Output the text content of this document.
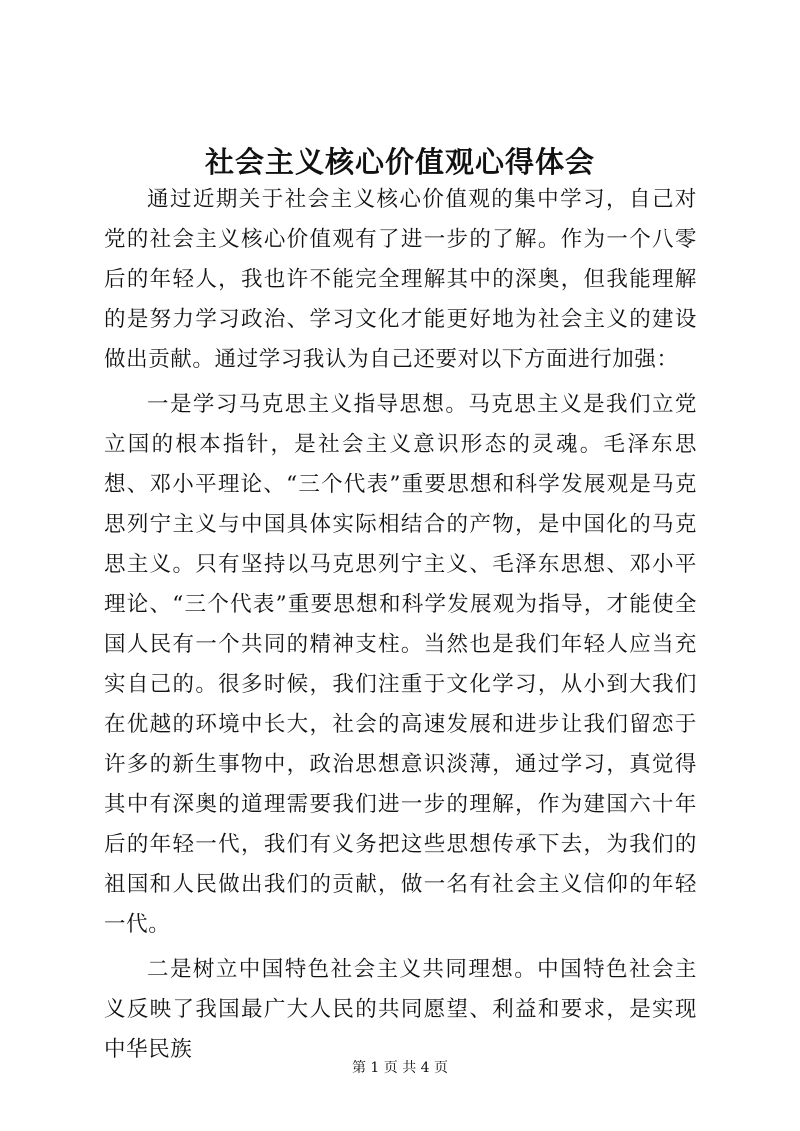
社会主义核心价值观心得体会

通过近期关于社会主义核心价值观的集中学习，自己对党的社会主义核心价值观有了进一步的了解。作为一个八零后的年轻人，我也许不能完全理解其中的深奥，但我能理解的是努力学习政治、学习文化才能更好地为社会主义的建设做出贡献。通过学习我认为自己还要对以下方面进行加强：

一是学习马克思主义指导思想。马克思主义是我们立党立国的根本指针，是社会主义意识形态的灵魂。毛泽东思想、邓小平理论、“三个代表”重要思想和科学发展观是马克思列宁主义与中国具体实际相结合的产物，是中国化的马克思主义。只有坚持以马克思列宁主义、毛泽东思想、邓小平理论、“三个代表”重要思想和科学发展观为指导，才能使全国人民有一个共同的精神支柱。当然也是我们年轻人应当充实自己的。很多时候，我们注重于文化学习，从小到大我们在优越的环境中长大，社会的高速发展和进步让我们留恋于许多的新生事物中，政治思想意识淡薄，通过学习，真觉得其中有深奥的道理需要我们进一步的理解，作为建国六十年后的年轻一代，我们有义务把这些思想传承下去，为我们的祖国和人民做出我们的贡献，做一名有社会主义信仰的年轻一代。

二是树立中国特色社会主义共同理想。中国特色社会主义反映了我国最广大人民的共同愿望、利益和要求，是实现中华民族

第 1 页 共 4 页
